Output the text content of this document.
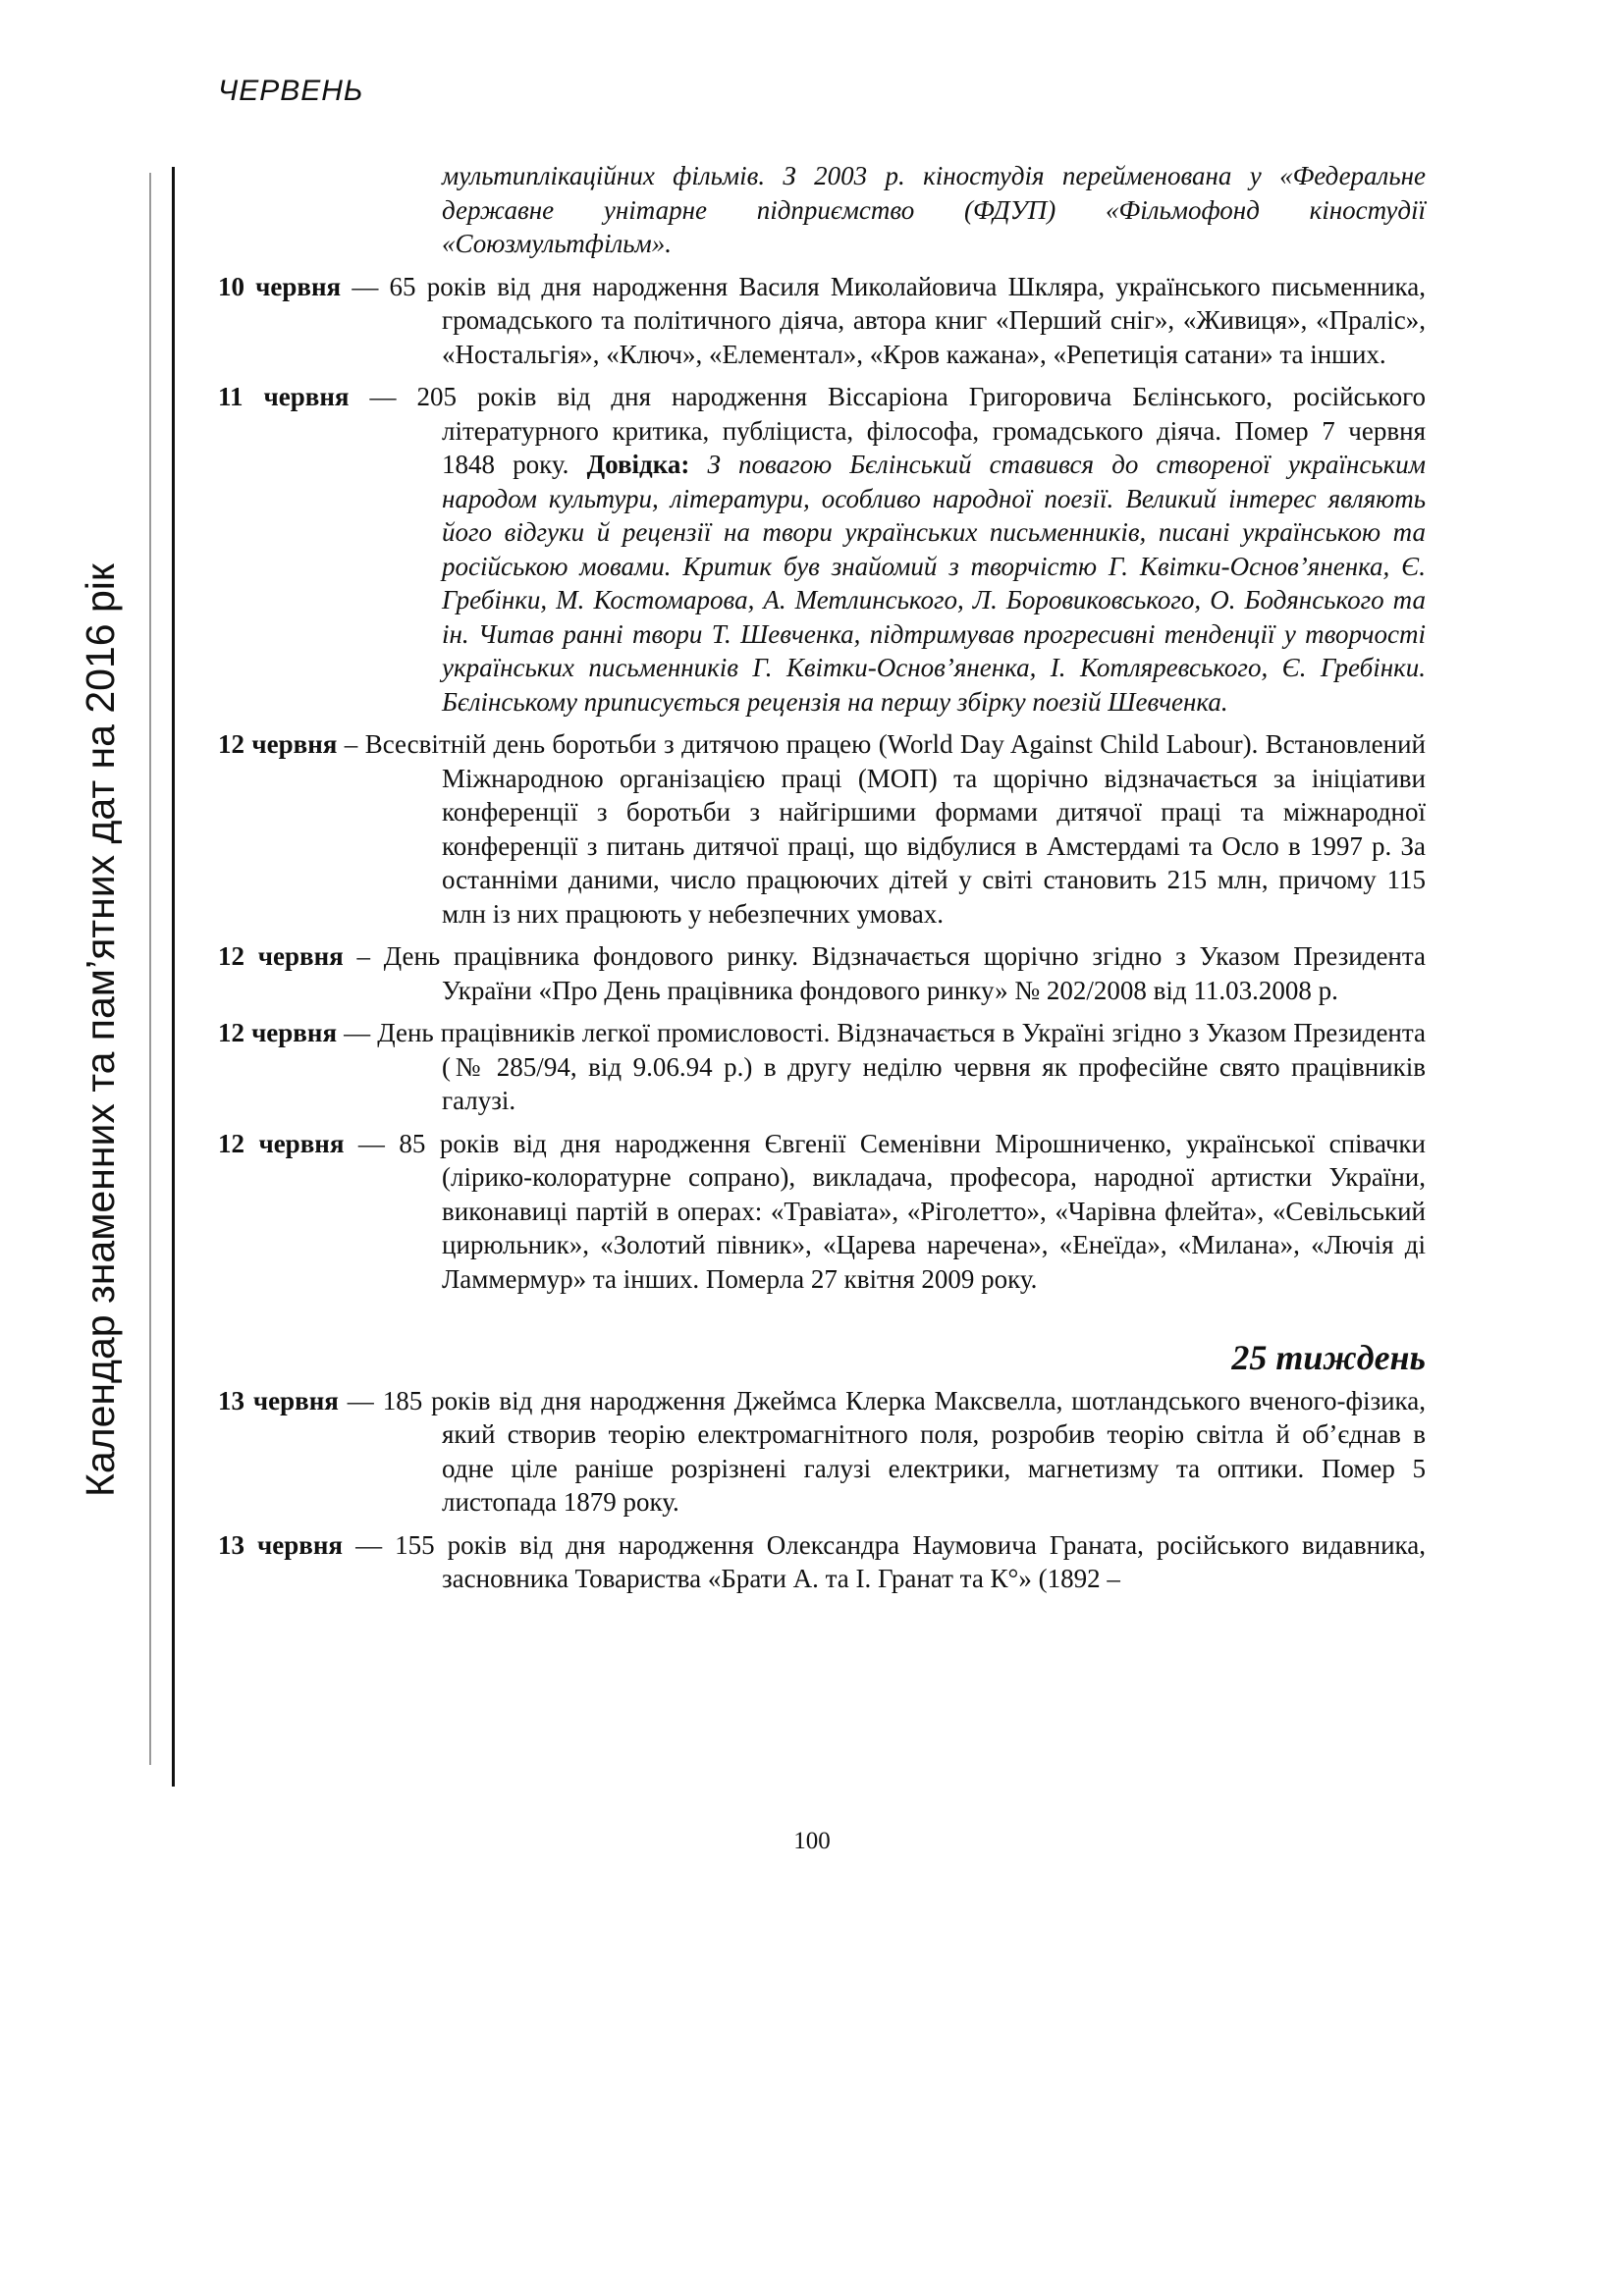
ЧЕРВЕНЬ
Календар знаменних та пам’ятних дат на 2016 рік
мультиплікаційних фільмів. З 2003 р. кіностудія перейменована у «Федеральне державне унітарне підприємство (ФДУП) «Фільмофонд кіностудії «Союзмультфільм».
10 червня — 65 років від дня народження Василя Миколайовича Шкляра, українського письменника, громадського та політичного діяча, автора книг «Перший сніг», «Живиця», «Праліс», «Ностальгія», «Ключ», «Елементал», «Кров кажана», «Репетиція сатани» та інших.
11 червня — 205 років від дня народження Віссаріона Григоровича Бєлінського, російського літературного критика, публіциста, філософа, громадського діяча. Помер 7 червня 1848 року. Довідка: З повагою Бєлінський ставився до створеної українським народом культури, літератури, особливо народної поезії. Великий інтерес являють його відгуки й рецензії на твори українських письменників, писані українською та російською мовами. Критик був знайомий з творчістю Г. Квітки-Основ’яненка, Є. Гребінки, М. Костомарова, А. Метлинського, Л. Боровиковського, О. Бодянського та ін. Читав ранні твори Т. Шевченка, підтримував прогресивні тенденції у творчості українських письменників Г. Квітки-Основ’яненка, І. Котляревського, Є. Гребінки. Бєлінському приписується рецензія на першу збірку поезій Шевченка.
12 червня – Всесвітній день боротьби з дитячою працею (World Day Against Child Labour). Встановлений Міжнародною організацією праці (МОП) та щорічно відзначається за ініціативи конференції з боротьби з найгіршими формами дитячої праці та міжнародної конференції з питань дитячої праці, що відбулися в Амстердамі та Осло в 1997 р. За останніми даними, число працюючих дітей у світі становить 215 млн, причому 115 млн із них працюють у небезпечних умовах.
12 червня – День працівника фондового ринку. Відзначається щорічно згідно з Указом Президента України «Про День працівника фондового ринку» № 202/2008 від 11.03.2008 р.
12 червня — День працівників легкої промисловості. Відзначається в Україні згідно з Указом Президента (№ 285/94, від 9.06.94 р.) в другу неділю червня як професійне свято працівників галузі.
12 червня — 85 років від дня народження Євгенії Семенівни Мірошниченко, української співачки (лірико-колоратурне сопрано), викладача, професора, народної артистки України, виконавиці партій в операх: «Травіата», «Ріголетто», «Чарівна флейта», «Севільський цирюльник», «Золотий півник», «Царева наречена», «Енеїда», «Милана», «Лючія ді Ламмермур» та інших. Померла 27 квітня 2009 року.
25 тиждень
13 червня — 185 років від дня народження Джеймса Клерка Максвелла, шотландського вченого-фізика, який створив теорію електромагнітного поля, розробив теорію світла й об’єднав в одне ціле раніше розрізнені галузі електрики, магнетизму та оптики. Помер 5 листопада 1879 року.
13 червня — 155 років від дня народження Олександра Наумовича Граната, російського видавника, засновника Товариства «Брати А. та І. Гранат та К°» (1892 –
100
